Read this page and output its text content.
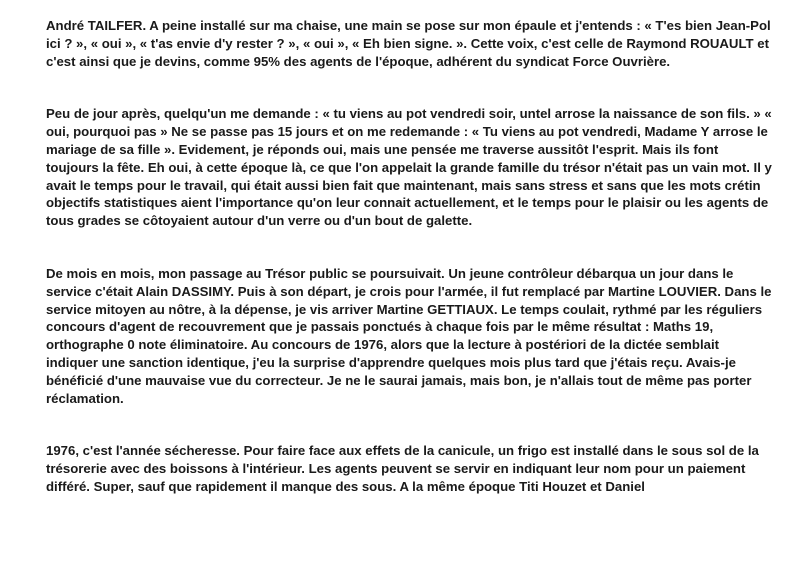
André TAILFER. A peine installé sur ma chaise, une main se pose sur mon épaule et j'entends : « T'es bien Jean-Pol ici ? », « oui », « t'as envie d'y rester ? », « oui », « Eh bien signe. ». Cette voix, c'est celle de Raymond ROUAULT et c'est ainsi que je devins, comme 95% des agents de l'époque, adhérent du syndicat Force Ouvrière.

Peu de jour après, quelqu'un me demande : « tu viens au pot vendredi soir, untel arrose la naissance de son fils. » « oui, pourquoi pas » Ne se passe pas 15 jours et on me redemande : « Tu viens au pot vendredi, Madame Y arrose le mariage de sa fille ». Evidement, je réponds oui, mais une pensée me traverse aussitôt l'esprit. Mais ils font toujours la fête. Eh oui, à cette époque là, ce que l'on appelait la grande famille du trésor n'était pas un vain mot. Il y avait le temps pour le travail, qui était aussi bien fait que maintenant, mais sans stress et sans que les mots crétin objectifs statistiques aient l'importance qu'on leur connait actuellement, et le temps pour le plaisir ou les agents de tous grades se côtoyaient autour d'un verre ou d'un bout de galette.

De mois en mois, mon passage au Trésor public se poursuivait. Un jeune contrôleur débarqua un jour dans le service c'était Alain DASSIMY. Puis à son départ, je crois pour l'armée, il fut remplacé par Martine LOUVIER. Dans le service mitoyen au nôtre, à la dépense, je vis arriver Martine GETTIAUX. Le temps coulait, rythmé par les réguliers concours d'agent de recouvrement que je passais ponctués à chaque fois par le même résultat : Maths 19, orthographe 0 note éliminatoire. Au concours de 1976, alors que la lecture à postériori de la dictée semblait indiquer une sanction identique, j'eu la surprise d'apprendre quelques mois plus tard que j'étais reçu. Avais-je bénéficié d'une mauvaise vue du correcteur. Je ne le saurai jamais, mais bon, je n'allais tout de même pas porter réclamation.

1976, c'est l'année sécheresse. Pour faire face aux effets de la canicule, un frigo est installé dans le sous sol de la trésorerie avec des boissons à l'intérieur. Les agents peuvent se servir en indiquant leur nom pour un paiement différé. Super, sauf que rapidement il manque des sous. A la même époque Titi Houzet et Daniel
